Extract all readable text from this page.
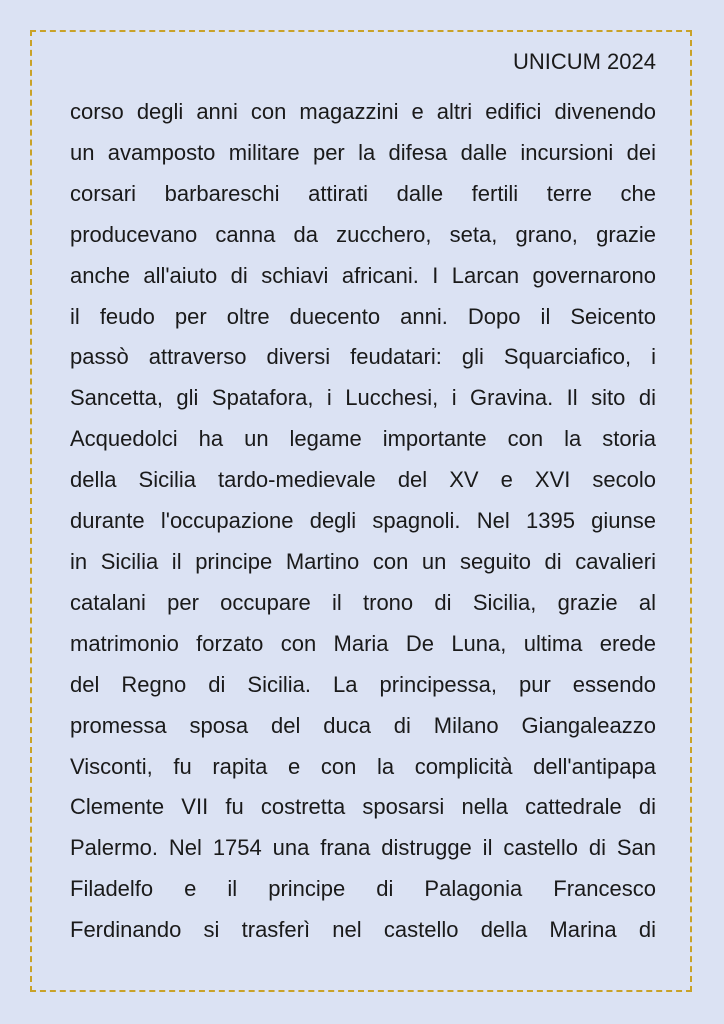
UNICUM 2024
corso degli anni con magazzini e altri edifici divenendo
un avamposto militare per la difesa dalle incursioni dei
corsari barbareschi attirati dalle fertili terre che
producevano canna da zucchero, seta, grano, grazie
anche all'aiuto di schiavi africani. I Larcan governarono
il feudo per oltre duecento anni. Dopo il Seicento
passò attraverso diversi feudatari: gli Squarciafico, i
Sancetta, gli Spatafora, i Lucchesi, i Gravina. Il sito di
Acquedolci ha un legame importante con la storia
della Sicilia tardo-medievale del XV e XVI secolo
durante l'occupazione degli spagnoli. Nel 1395 giunse
in Sicilia il principe Martino con un seguito di cavalieri
catalani per occupare il trono di Sicilia, grazie al
matrimonio forzato con Maria De Luna, ultima erede
del Regno di Sicilia. La principessa, pur essendo
promessa sposa del duca di Milano Giangaleazzo
Visconti, fu rapita e con la complicità dell'antipapa
Clemente VII fu costretta sposarsi nella cattedrale di
Palermo. Nel 1754 una frana distrugge il castello di San
Filadelfo e il principe di Palagonia Francesco
Ferdinando si trasferì nel castello della Marina di
